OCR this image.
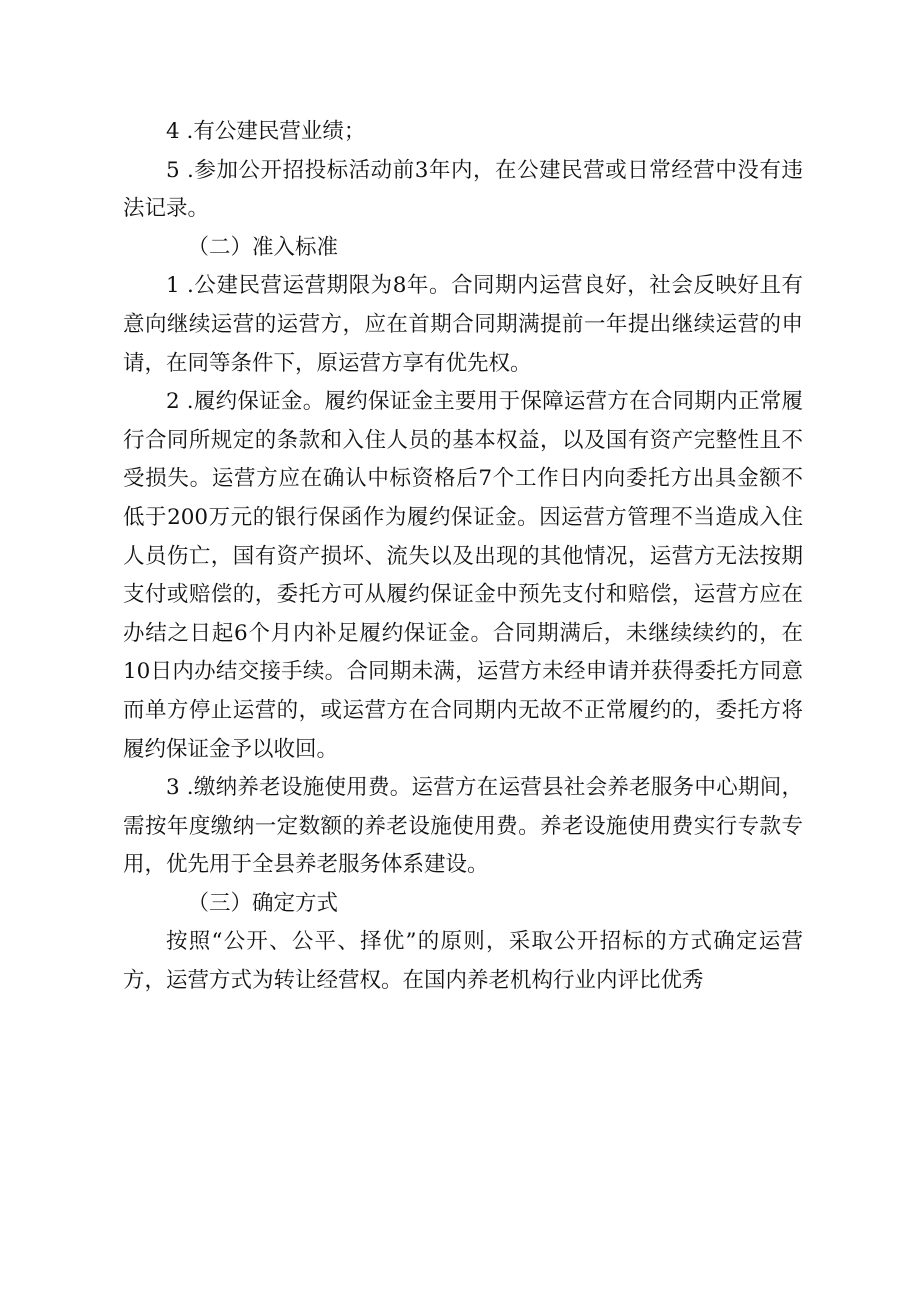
4 .有公建民营业绩；

5 .参加公开招投标活动前3年内，在公建民营或日常经营中没有违法记录。

（二）准入标准

1 .公建民营运营期限为8年。合同期内运营良好，社会反映好且有意向继续运营的运营方，应在首期合同期满提前一年提出继续运营的申请，在同等条件下，原运营方享有优先权。

2 .履约保证金。履约保证金主要用于保障运营方在合同期内正常履行合同所规定的条款和入住人员的基本权益，以及国有资产完整性且不受损失。运营方应在确认中标资格后7个工作日内向委托方出具金额不低于200万元的银行保函作为履约保证金。因运营方管理不当造成入住人员伤亡，国有资产损坏、流失以及出现的其他情况，运营方无法按期支付或赔偿的，委托方可从履约保证金中预先支付和赔偿，运营方应在办结之日起6个月内补足履约保证金。合同期满后，未继续续约的，在10日内办结交接手续。合同期未满，运营方未经申请并获得委托方同意而单方停止运营的，或运营方在合同期内无故不正常履约的，委托方将履约保证金予以收回。

3 .缴纳养老设施使用费。运营方在运营县社会养老服务中心期间，需按年度缴纳一定数额的养老设施使用费。养老设施使用费实行专款专用，优先用于全县养老服务体系建设。

（三）确定方式

按照“公开、公平、择优”的原则，采取公开招标的方式确定运营方，运营方式为转让经营权。在国内养老机构行业内评比优秀
